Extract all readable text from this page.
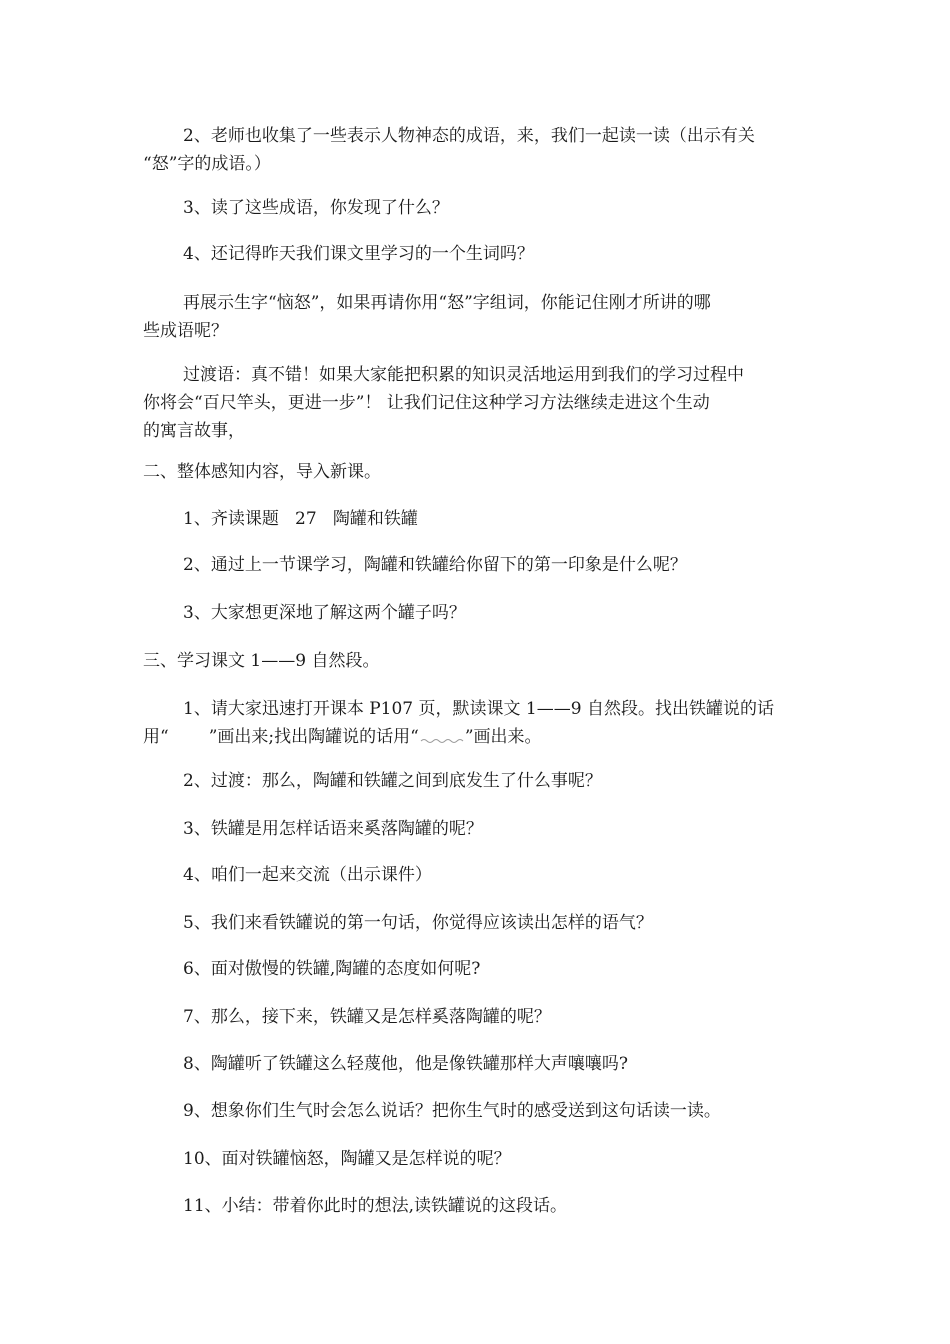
2、老师也收集了一些表示人物神态的成语，来，我们一起读一读（出示有关
“怒”字的成语。）
3、读了这些成语，你发现了什么？
4、还记得昨天我们课文里学习的一个生词吗？
再展示生字“恼怒”，如果再请你用“怒”字组词，你能记住刚才所讲的哪
些成语呢？
过渡语：真不错！如果大家能把积累的知识灵活地运用到我们的学习过程中
你将会“百尺竿头，更进一步”！ 让我们记住这种学习方法继续走进这个生动
的寓言故事，
二、整体感知内容，导入新课。
1、齐读课题   27   陶罐和铁罐
2、通过上一节课学习，陶罐和铁罐给你留下的第一印象是什么呢？
3、大家想更深地了解这两个罐子吗？
三、学习课文 1——9 自然段。
1、请大家迅速打开课本 P107 页，默读课文 1——9 自然段。找出铁罐说的话
用“ ”画出来;找出陶罐说的话用“	”画出来。
2、过渡：那么，陶罐和铁罐之间到底发生了什么事呢？
3、铁罐是用怎样话语来奚落陶罐的呢？
4、咱们一起来交流（出示课件）
5、我们来看铁罐说的第一句话，你觉得应该读出怎样的语气？
6、面对傲慢的铁罐,陶罐的态度如何呢?
7、那么，接下来，铁罐又是怎样奚落陶罐的呢？
8、陶罐听了铁罐这么轻蔑他，他是像铁罐那样大声嚷嚷吗?
9、想象你们生气时会怎么说话？把你生气时的感受送到这句话读一读。
10、面对铁罐恼怒，陶罐又是怎样说的呢？
11、小结：带着你此时的想法,读铁罐说的这段话。
